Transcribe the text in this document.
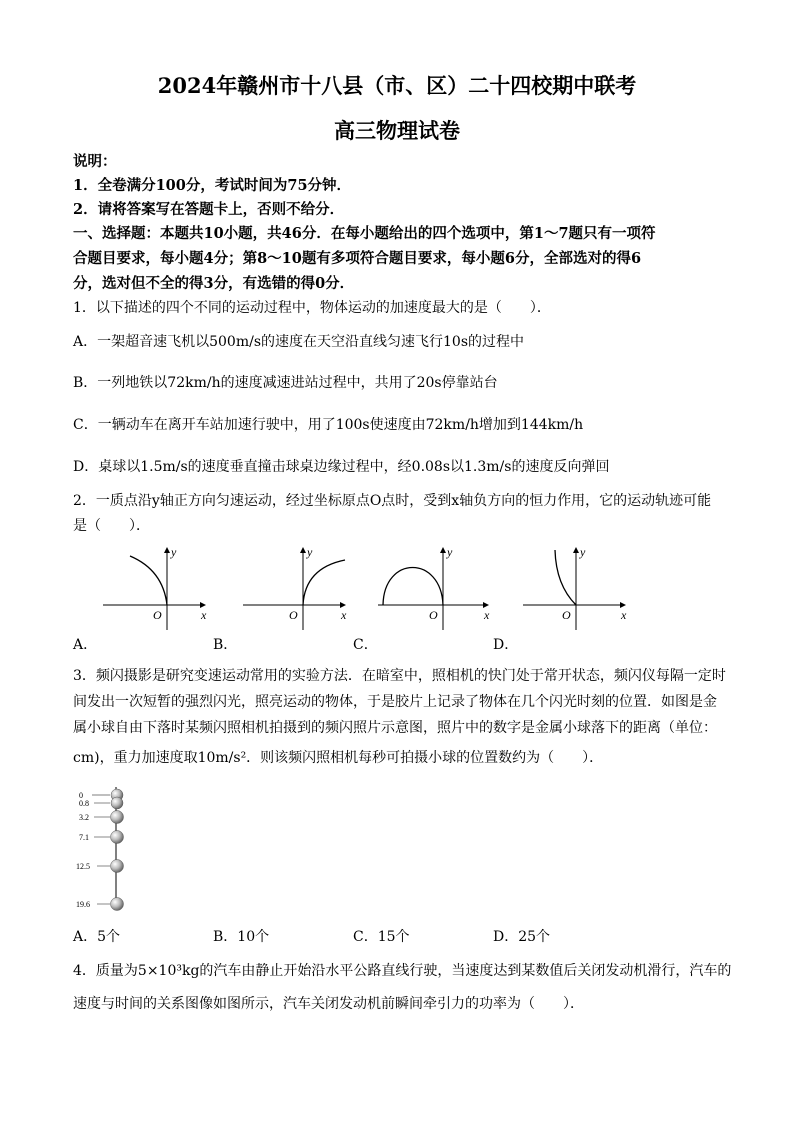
2024年赣州市十八县（市、区）二十四校期中联考
高三物理试卷
说明：
1．全卷满分100分，考试时间为75分钟．
2．请将答案写在答题卡上，否则不给分．
一、选择题：本题共10小题，共46分．在每小题给出的四个选项中，第1～7题只有一项符
合题目要求，每小题4分；第8～10题有多项符合题目要求，每小题6分，全部选对的得6
分，选对但不全的得3分，有选错的得0分．
1．以下描述的四个不同的运动过程中，物体运动的加速度最大的是（　　）．
A．一架超音速飞机以500m/s的速度在天空沿直线匀速飞行10s的过程中
B．一列地铁以72km/h的速度减速进站过程中，共用了20s停靠站台
C．一辆动车在离开车站加速行驶中，用了100s使速度由72km/h增加到144km/h
D．桌球以1.5m/s的速度垂直撞击球桌边缘过程中，经0.08s以1.3m/s的速度反向弹回
2．一质点沿y轴正方向匀速运动，经过坐标原点O点时，受到x轴负方向的恒力作用，它的运动轨迹可能
是（　　）．
y
x
O
y
x
O
y
x
O
y
x
O
A．	B．	C．	D．
3．频闪摄影是研究变速运动常用的实验方法．在暗室中，照相机的快门处于常开状态，频闪仪每隔一定时
间发出一次短暂的强烈闪光，照亮运动的物体，于是胶片上记录了物体在几个闪光时刻的位置．如图是金
属小球自由下落时某频闪照相机拍摄到的频闪照片示意图，照片中的数字是金属小球落下的距离（单位：
cm)，重力加速度取10m/s²．则该频闪照相机每秒可拍摄小球的位置数约为（　　）．
0
0.8
3.2
7.1
12.5
19.6
A．5个	B．10个	C．15个	D．25个
4．质量为5×10³kg的汽车由静止开始沿水平公路直线行驶，当速度达到某数值后关闭发动机滑行，汽车的
速度与时间的关系图像如图所示，汽车关闭发动机前瞬间牵引力的功率为（　　）．
